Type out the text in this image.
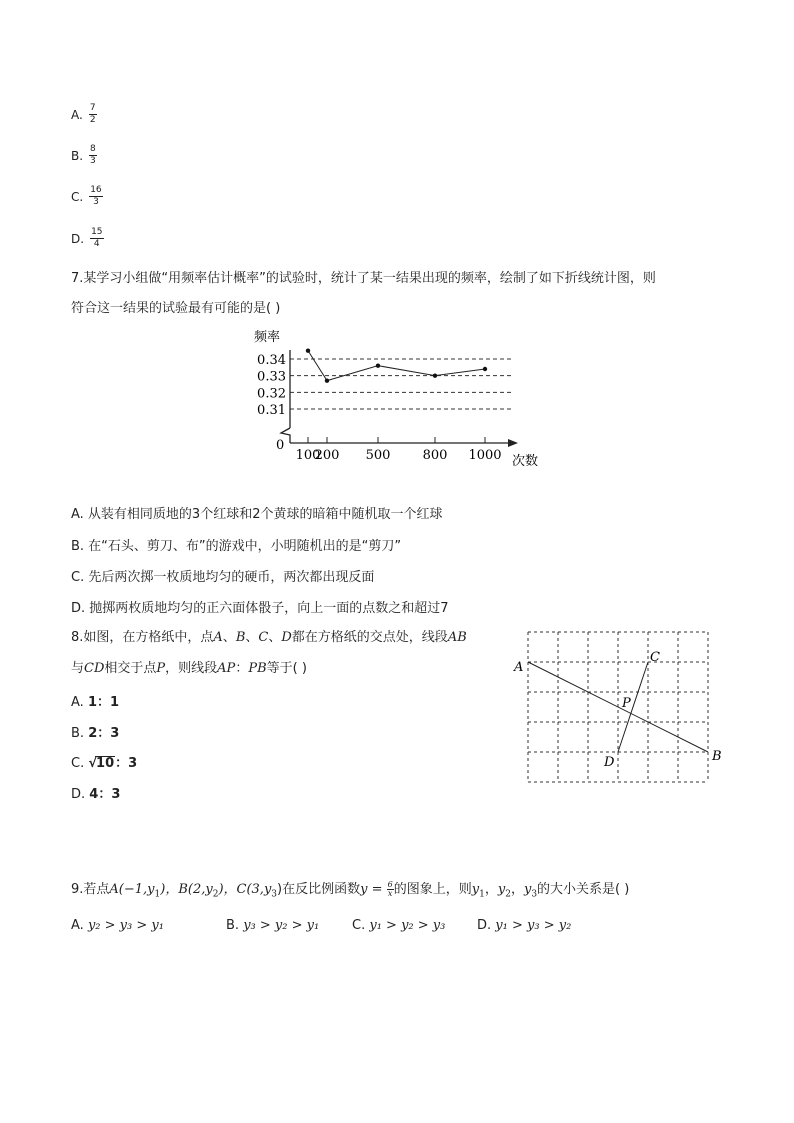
A. $\frac{7}{2}$
B. $\frac{8}{3}$
C. $\frac{16}{3}$
D. $\frac{15}{4}$
7.某学习小组做“用频率估计概率”的试验时，统计了某一结果出现的频率，绘制了如下折线统计图，则
符合这一结果的试验最有可能的是( )
频率
0.34
0.33
0.32
0.31
0
100
200 500 800 1000 次数
A. 从装有相同质地的3个红球和2个黄球的暗箱中随机取一个红球
B. 在“石头、剪刀、布”的游戏中，小明随机出的是“剪刀”
C. 先后两次掷一枚质地均匀的硬币，两次都出现反面
D. 抛掷两枚质地均匀的正六面体骰子，向上一面的点数之和超过7
8.如图，在方格纸中，点A、B、C、D都在方格纸的交点处，线段AB
与CD相交于点P，则线段AP：PB等于( )
A. 1：1
B. 2：3
C. √10：3
D. 4：3
A
B
C
D
P
9.若点$A(-1,y_1)$，$B(2,y_2)$，$C(3,y_3)$在反比例函数$y = \frac{6}{x}$ 的图象上，则$y_1$，$y_2$，$y_3$的大小关系是( )
A. y₂ > y₃ > y₁	B. y₃ > y₂ > y₁	C. y₁ > y₂ > y₃ D. y₁ > y₃ > y₂
